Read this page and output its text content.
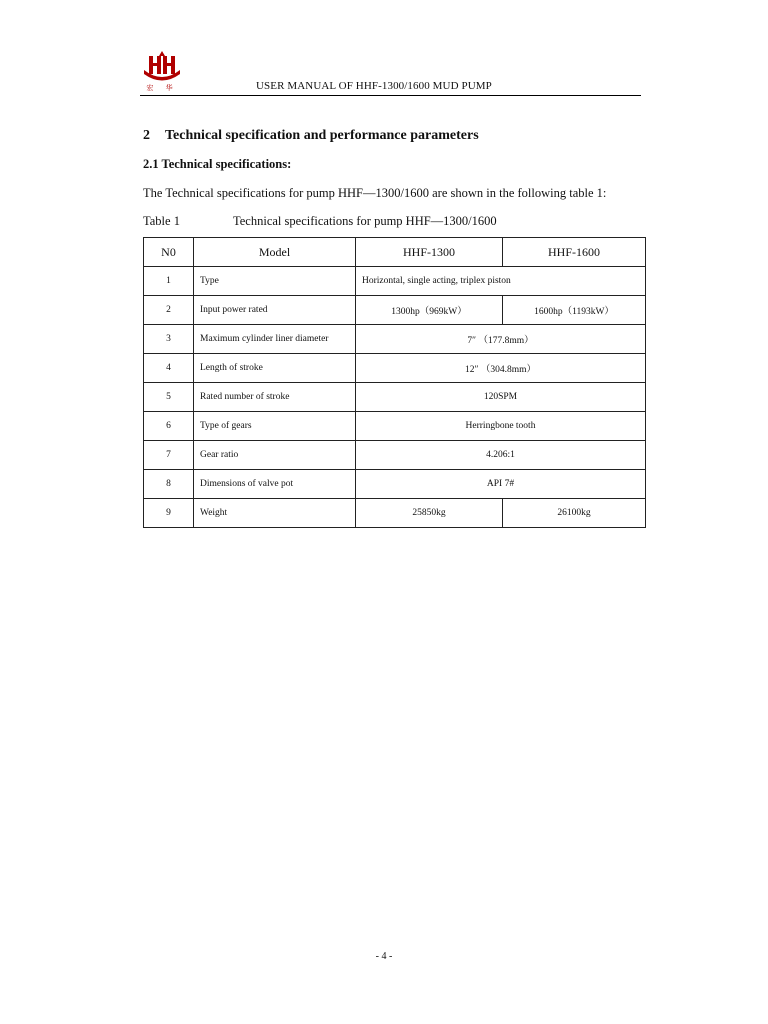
宏 华	USER MANUAL OF HHF-1300/1600 MUD PUMP
2 Technical specification and performance parameters
2.1 Technical specifications:
The Technical specifications for pump HHF—1300/1600 are shown in the following table 1:
Table 1	Technical specifications for pump HHF—1300/1600
N0	Model	HHF-1300	HHF-1600
1	Type	Horizontal, single acting, triplex piston	
2	Input power rated	1300hp（969kW）	1600hp（1193kW）
3	Maximum cylinder liner diameter	7″ （177.8mm）	
4	Length of stroke	12″ （304.8mm）	
5	Rated number of stroke	120SPM	
6	Type of gears	Herringbone tooth	
7	Gear ratio	4.206:1	
8	Dimensions of valve pot	API 7#	
9	Weight	25850kg	26100kg
- 4 -
